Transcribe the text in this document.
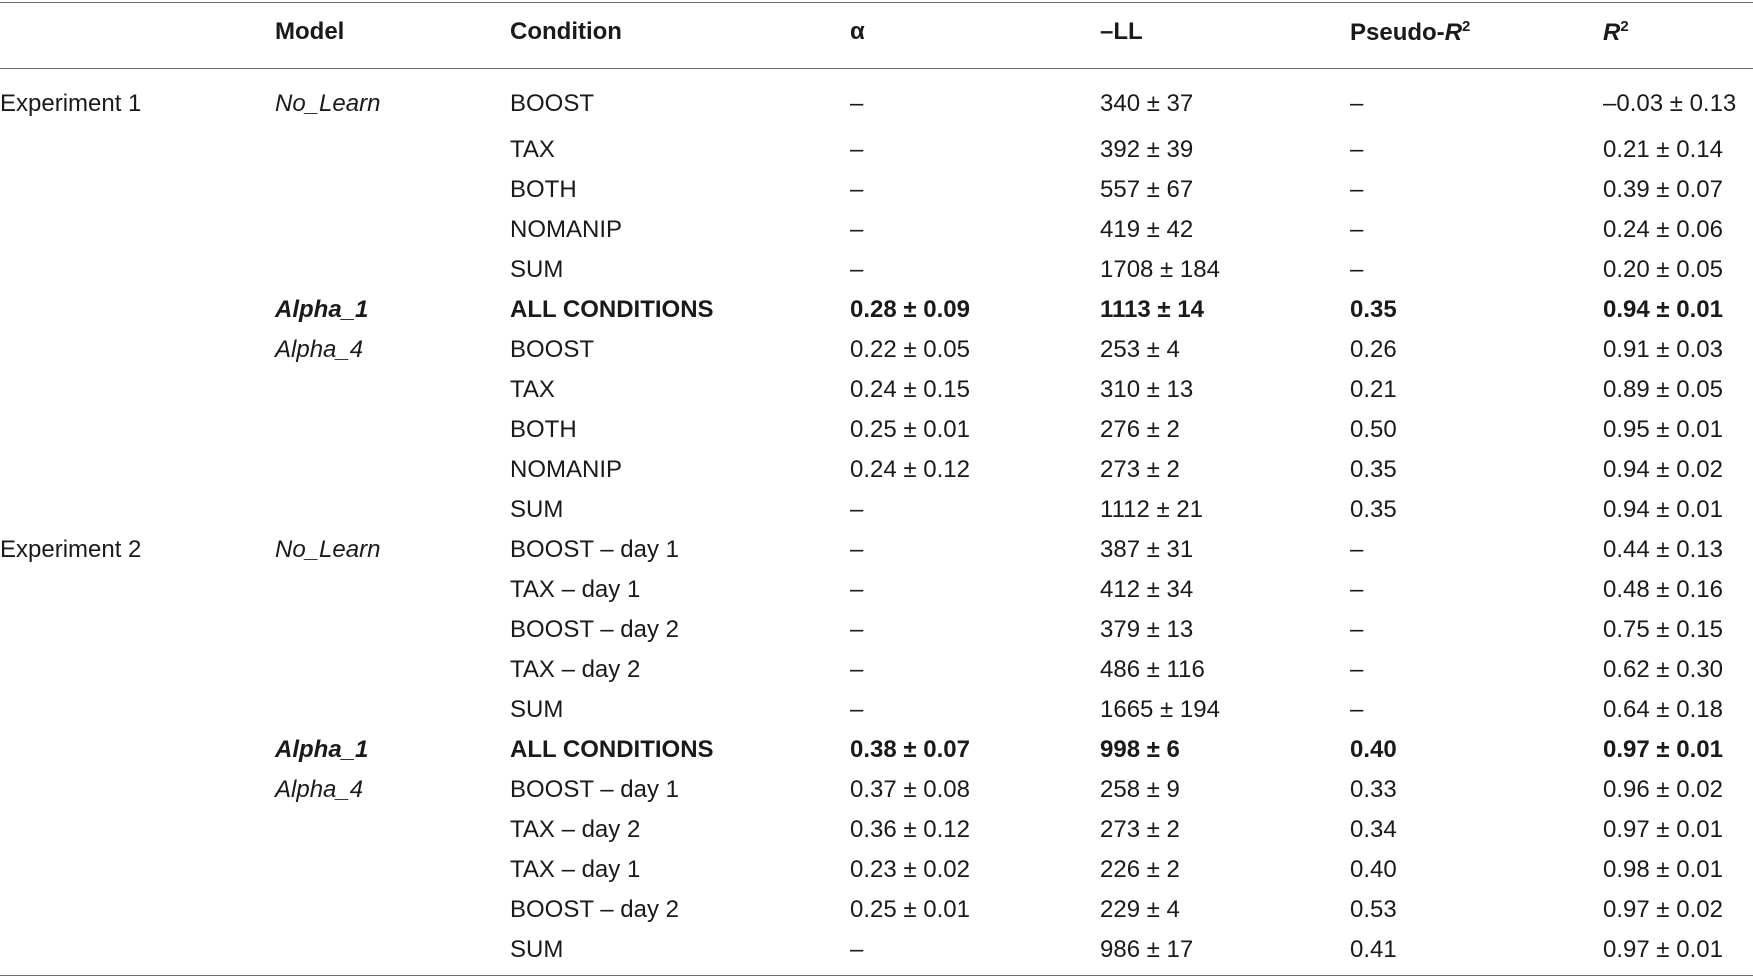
	Model	Condition	α	–LL	Pseudo-$R^2$	$R^2$
Experiment 1	No_Learn	BOOST	–	340 ± 37	–	–0.03 ± 0.13
		TAX	–	392 ± 39	–	0.21 ± 0.14
		BOTH	–	557 ± 67	–	0.39 ± 0.07
		NOMANIP	–	419 ± 42	–	0.24 ± 0.06
		SUM	–	1708 ± 184	–	0.20 ± 0.05
	Alpha_1	ALL CONDITIONS	0.28 ± 0.09	1113 ± 14	0.35	0.94 ± 0.01
	Alpha_4	BOOST	0.22 ± 0.05	253 ± 4	0.26	0.91 ± 0.03
		TAX	0.24 ± 0.15	310 ± 13	0.21	0.89 ± 0.05
		BOTH	0.25 ± 0.01	276 ± 2	0.50	0.95 ± 0.01
		NOMANIP	0.24 ± 0.12	273 ± 2	0.35	0.94 ± 0.02
		SUM	–	1112 ± 21	0.35	0.94 ± 0.01
Experiment 2	No_Learn	BOOST – day 1	–	387 ± 31	–	0.44 ± 0.13
		TAX – day 1	–	412 ± 34	–	0.48 ± 0.16
		BOOST – day 2	–	379 ± 13	–	0.75 ± 0.15
		TAX – day 2	–	486 ± 116	–	0.62 ± 0.30
		SUM	–	1665 ± 194	–	0.64 ± 0.18
	Alpha_1	ALL CONDITIONS	0.38 ± 0.07	998 ± 6	0.40	0.97 ± 0.01
	Alpha_4	BOOST – day 1	0.37 ± 0.08	258 ± 9	0.33	0.96 ± 0.02
		TAX – day 2	0.36 ± 0.12	273 ± 2	0.34	0.97 ± 0.01
		TAX – day 1	0.23 ± 0.02	226 ± 2	0.40	0.98 ± 0.01
		BOOST – day 2	0.25 ± 0.01	229 ± 4	0.53	0.97 ± 0.02
		SUM	–	986 ± 17	0.41	0.97 ± 0.01
